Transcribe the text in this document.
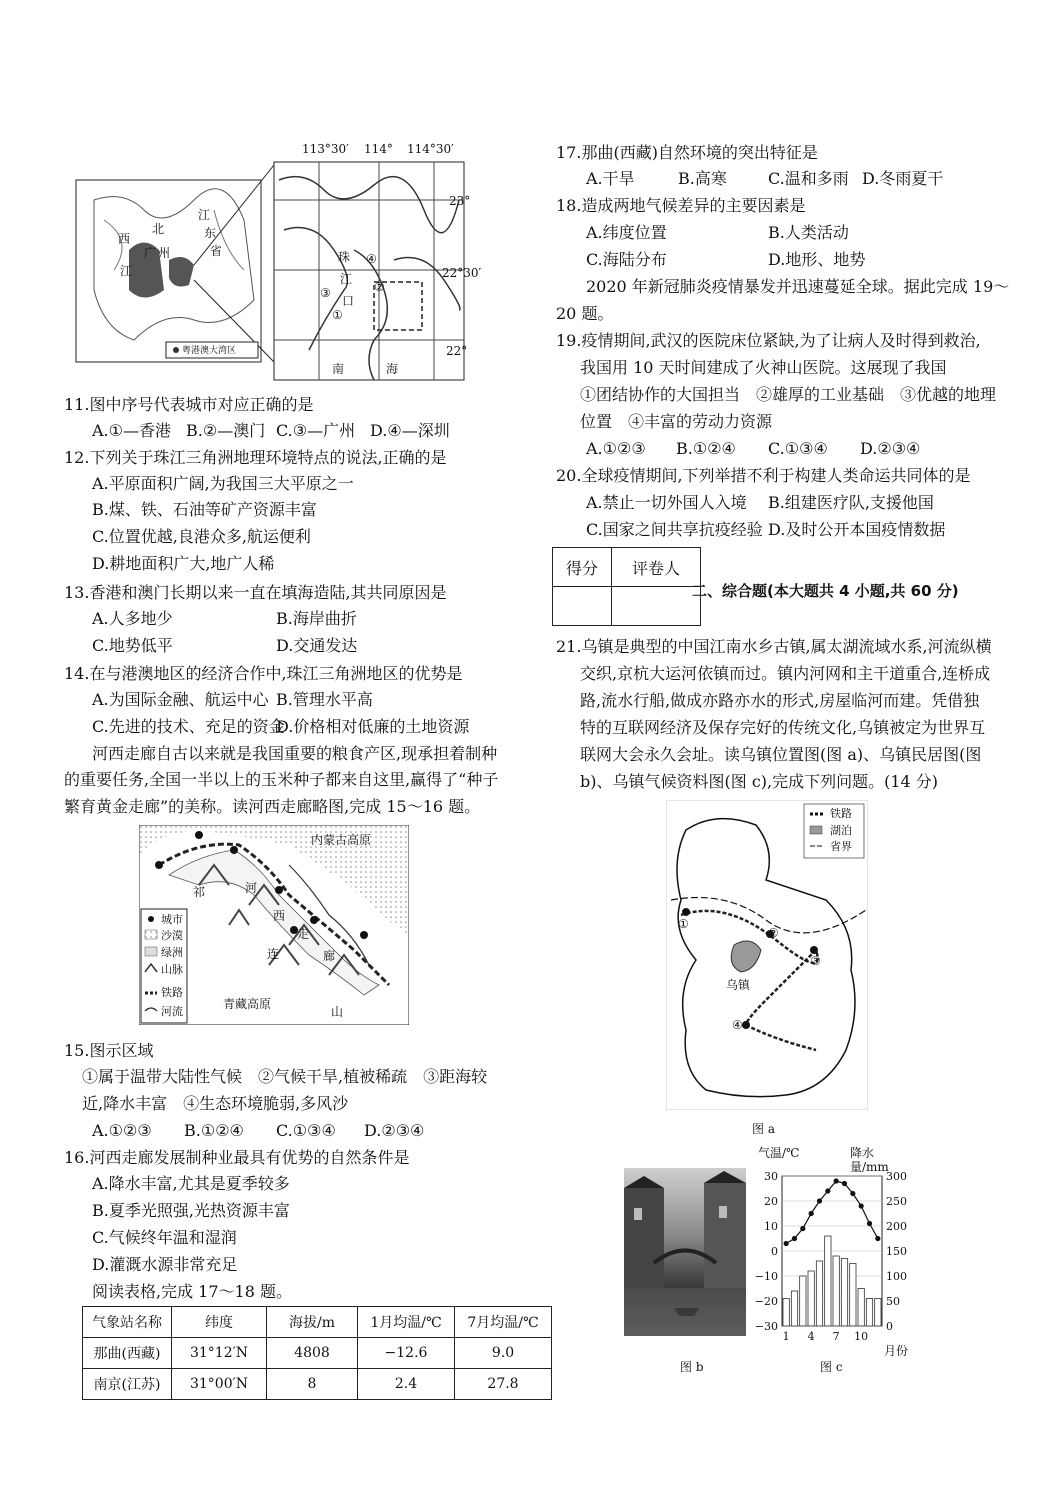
113°30′ 114° 114°30′
23°
22°30′
22°
江
东
省
西
北
广 州
江
珠
江
口
南	海
粤港澳大湾区
①
②
③
④
11.图中序号代表城市对应正确的是
A.①—香港 B.②—澳门 C.③—广州 D.④—深圳
12.下列关于珠江三角洲地理环境特点的说法,正确的是
A.平原面积广阔,为我国三大平原之一
B.煤、铁、石油等矿产资源丰富
C.位置优越,良港众多,航运便利
D.耕地面积广大,地广人稀
13.香港和澳门长期以来一直在填海造陆,其共同原因是
A.人多地少	B.海岸曲折
C.地势低平	D.交通发达
14.在与港澳地区的经济合作中,珠江三角洲地区的优势是
A.为国际金融、航运中心 B.管理水平高
C.先进的技术、充足的资金
D.价格相对低廉的土地资源
河西走廊自古以来就是我国重要的粮食产区,现承担着制种
的重要任务,全国一半以上的玉米种子都来自这里,赢得了“种子
繁育黄金走廊”的美称。读河西走廊略图,完成 15～16 题。
内蒙古高原
祁	河
西
走
廊
连
山
青藏高原
城市
沙漠
绿洲
山脉
铁路
河流
15.图示区域
①属于温带大陆性气候　②气候干旱,植被稀疏　③距海较
近,降水丰富　④生态环境脆弱,多风沙
A.①②③ B.①②④ C.①③④ D.②③④
16.河西走廊发展制种业最具有优势的自然条件是
A.降水丰富,尤其是夏季较多
B.夏季光照强,光热资源丰富
C.气候终年温和湿润
D.灌溉水源非常充足
阅读表格,完成 17～18 题。
气象站名称	纬度	海拔/m	1月均温/℃	7月均温/℃
那曲(西藏)	31°12′N	4808	−12.6	9.0
南京(江苏)	31°00′N	8	2.4	27.8
17.那曲(西藏)自然环境的突出特征是
A.干旱	B.高寒	C.温和多雨 D.冬雨夏干
18.造成两地气候差异的主要因素是
A.纬度位置	B.人类活动
C.海陆分布	D.地形、地势
2020 年新冠肺炎疫情暴发并迅速蔓延全球。据此完成 19～
20 题。
19.疫情期间,武汉的医院床位紧缺,为了让病人及时得到救治,
我国用 10 天时间建成了火神山医院。这展现了我国
①团结协作的大国担当　②雄厚的工业基础　③优越的地理
位置　④丰富的劳动力资源
A.①②③ B.①②④ C.①③④ D.②③④
20.全球疫情期间,下列举措不利于构建人类命运共同体的是
A.禁止一切外国人入境 B.组建医疗队,支援他国
C.国家之间共享抗疫经验 D.及时公开本国疫情数据
得分	评卷人

二、综合题(本大题共 4 小题,共 60 分)
21.乌镇是典型的中国江南水乡古镇,属太湖流域水系,河流纵横
交织,京杭大运河依镇而过。镇内河网和主干道重合,连桥成
路,流水行船,做成亦路亦水的形式,房屋临河而建。凭借独
特的互联网经济及保存完好的传统文化,乌镇被定为世界互
联网大会永久会址。读乌镇位置图(图 a)、乌镇民居图(图
b)、乌镇气候资料图(图 c),完成下列问题。(14 分)
铁路
湖泊
省界
乌镇
①
②
③
④
图 a
图 b
30
20
10
0
−10
−20
−30
300
250
200
150
100
50
0
1 4 7 10
气温/℃	降水量/mm
月份
图 c
